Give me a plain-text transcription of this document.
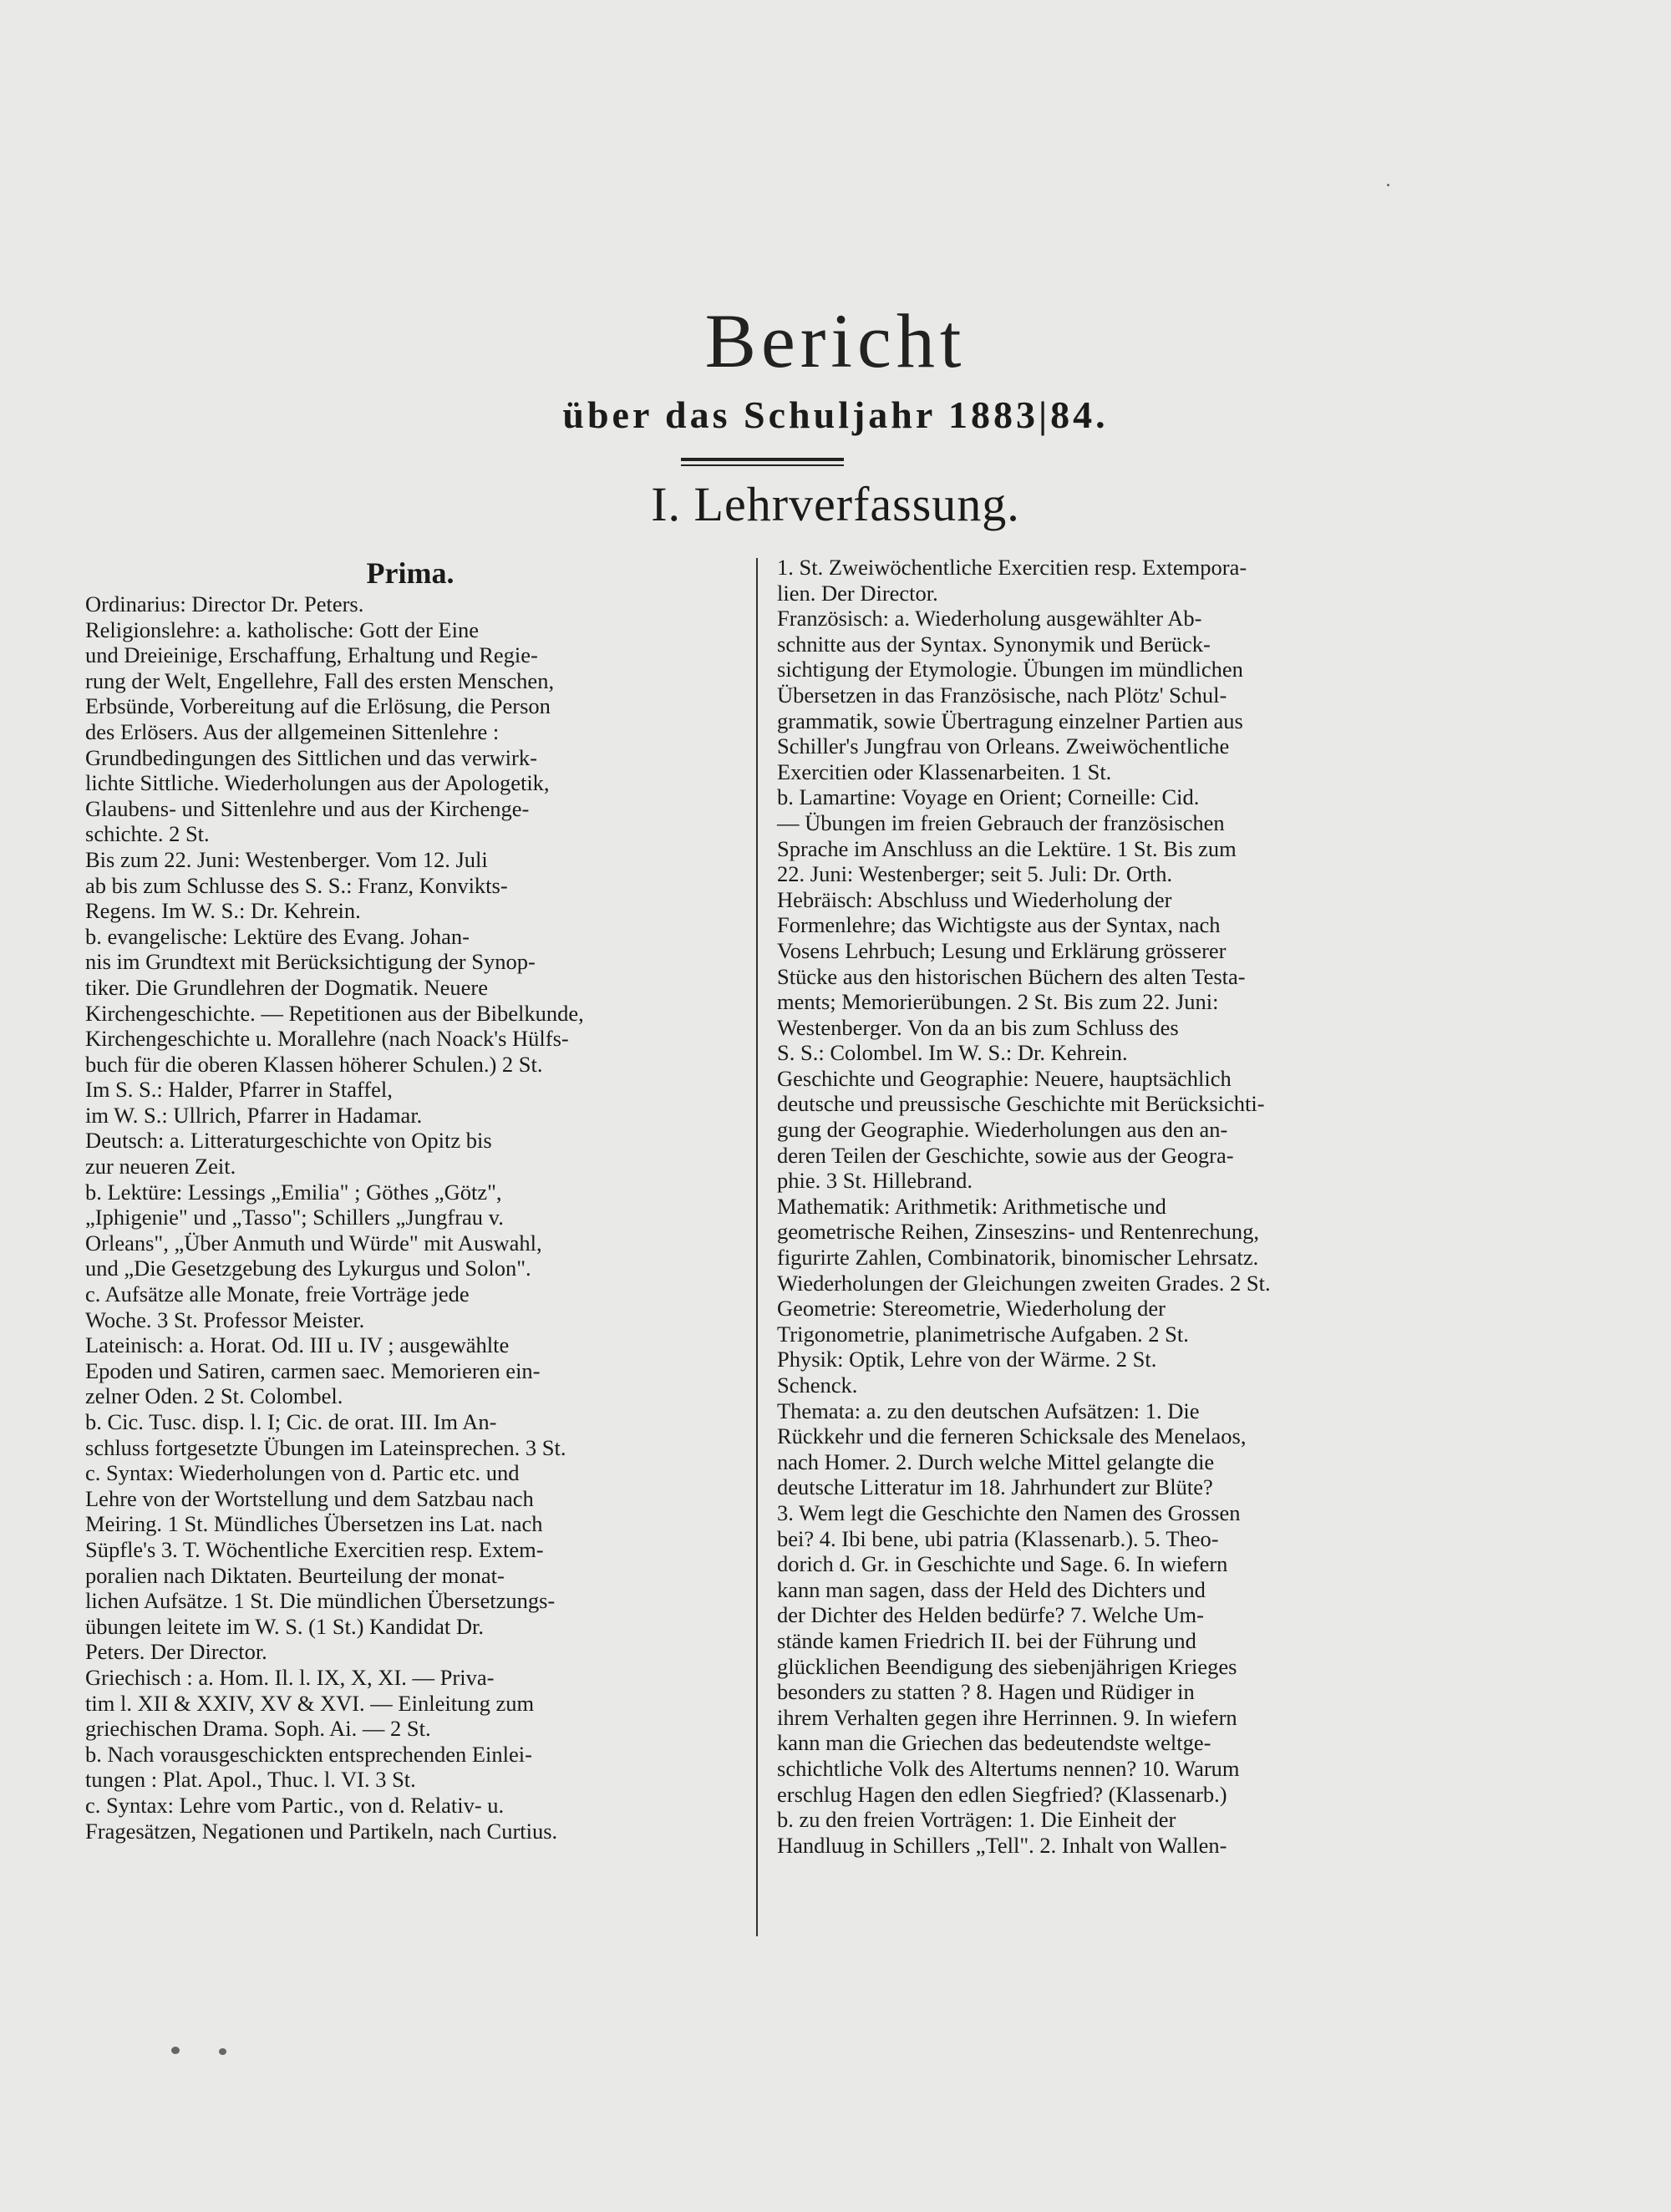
Bericht
über das Schuljahr 1883|84.
I. Lehrverfassung.
Prima.
Ordinarius: Director Dr. Peters.
Religionslehre: a. katholische: Gott der Eine
und Dreieinige, Erschaffung, Erhaltung und Regie-
rung der Welt, Engellehre, Fall des ersten Menschen,
Erbsünde, Vorbereitung auf die Erlösung, die Person
des Erlösers. Aus der allgemeinen Sittenlehre :
Grundbedingungen des Sittlichen und das verwirk-
lichte Sittliche. Wiederholungen aus der Apologetik,
Glaubens- und Sittenlehre und aus der Kirchenge-
schichte. 2 St.
Bis zum 22. Juni: Westenberger. Vom 12. Juli
ab bis zum Schlusse des S. S.: Franz, Konvikts-
Regens. Im W. S.: Dr. Kehrein.
b. evangelische: Lektüre des Evang. Johan-
nis im Grundtext mit Berücksichtigung der Synop-
tiker. Die Grundlehren der Dogmatik. Neuere
Kirchengeschichte. — Repetitionen aus der Bibelkunde,
Kirchengeschichte u. Morallehre (nach Noack's Hülfs-
buch für die oberen Klassen höherer Schulen.) 2 St.
Im S. S.: Halder, Pfarrer in Staffel,
im W. S.: Ullrich, Pfarrer in Hadamar.
Deutsch: a. Litteraturgeschichte von Opitz bis
zur neueren Zeit.
b. Lektüre: Lessings „Emilia" ; Göthes „Götz",
„Iphigenie" und „Tasso"; Schillers „Jungfrau v.
Orleans", „Über Anmuth und Würde" mit Auswahl,
und „Die Gesetzgebung des Lykurgus und Solon".
c. Aufsätze alle Monate, freie Vorträge jede
Woche. 3 St. Professor Meister.
Lateinisch: a. Horat. Od. III u. IV ; ausgewählte
Epoden und Satiren, carmen saec. Memorieren ein-
zelner Oden. 2 St. Colombel.
b. Cic. Tusc. disp. l. I; Cic. de orat. III. Im An-
schluss fortgesetzte Übungen im Lateinsprechen. 3 St.
c. Syntax: Wiederholungen von d. Partic etc. und
Lehre von der Wortstellung und dem Satzbau nach
Meiring. 1 St. Mündliches Übersetzen ins Lat. nach
Süpfle's 3. T. Wöchentliche Exercitien resp. Extem-
poralien nach Diktaten. Beurteilung der monat-
lichen Aufsätze. 1 St. Die mündlichen Übersetzungs-
übungen leitete im W. S. (1 St.) Kandidat Dr.
Peters. Der Director.
Griechisch : a. Hom. Il. l. IX, X, XI. — Priva-
tim l. XII & XXIV, XV & XVI. — Einleitung zum
griechischen Drama. Soph. Ai. — 2 St.
b. Nach vorausgeschickten entsprechenden Einlei-
tungen : Plat. Apol., Thuc. l. VI. 3 St.
c. Syntax: Lehre vom Partic., von d. Relativ- u.
Fragesätzen, Negationen und Partikeln, nach Curtius.
1. St. Zweiwöchentliche Exercitien resp. Extempora-
lien. Der Director.
Französisch: a. Wiederholung ausgewählter Ab-
schnitte aus der Syntax. Synonymik und Berück-
sichtigung der Etymologie. Übungen im mündlichen
Übersetzen in das Französische, nach Plötz' Schul-
grammatik, sowie Übertragung einzelner Partien aus
Schiller's Jungfrau von Orleans. Zweiwöchentliche
Exercitien oder Klassenarbeiten. 1 St.
b. Lamartine: Voyage en Orient; Corneille: Cid.
— Übungen im freien Gebrauch der französischen
Sprache im Anschluss an die Lektüre. 1 St. Bis zum
22. Juni: Westenberger; seit 5. Juli: Dr. Orth.
Hebräisch: Abschluss und Wiederholung der
Formenlehre; das Wichtigste aus der Syntax, nach
Vosens Lehrbuch; Lesung und Erklärung grösserer
Stücke aus den historischen Büchern des alten Testa-
ments; Memorierübungen. 2 St. Bis zum 22. Juni:
Westenberger. Von da an bis zum Schluss des
S. S.: Colombel. Im W. S.: Dr. Kehrein.
Geschichte und Geographie: Neuere, hauptsächlich
deutsche und preussische Geschichte mit Berücksichti-
gung der Geographie. Wiederholungen aus den an-
deren Teilen der Geschichte, sowie aus der Geogra-
phie. 3 St. Hillebrand.
Mathematik: Arithmetik: Arithmetische und
geometrische Reihen, Zinseszins- und Rentenrechung,
figurirte Zahlen, Combinatorik, binomischer Lehrsatz.
Wiederholungen der Gleichungen zweiten Grades. 2 St.
Geometrie: Stereometrie, Wiederholung der
Trigonometrie, planimetrische Aufgaben. 2 St.
Physik: Optik, Lehre von der Wärme. 2 St.
Schenck.
Themata: a. zu den deutschen Aufsätzen: 1. Die
Rückkehr und die ferneren Schicksale des Menelaos,
nach Homer. 2. Durch welche Mittel gelangte die
deutsche Litteratur im 18. Jahrhundert zur Blüte?
3. Wem legt die Geschichte den Namen des Grossen
bei? 4. Ibi bene, ubi patria (Klassenarb.). 5. Theo-
dorich d. Gr. in Geschichte und Sage. 6. In wiefern
kann man sagen, dass der Held des Dichters und
der Dichter des Helden bedürfe? 7. Welche Um-
stände kamen Friedrich II. bei der Führung und
glücklichen Beendigung des siebenjährigen Krieges
besonders zu statten ? 8. Hagen und Rüdiger in
ihrem Verhalten gegen ihre Herrinnen. 9. In wiefern
kann man die Griechen das bedeutendste weltge-
schichtliche Volk des Altertums nennen? 10. Warum
erschlug Hagen den edlen Siegfried? (Klassenarb.)
b. zu den freien Vorträgen: 1. Die Einheit der
Handluug in Schillers „Tell". 2. Inhalt von Wallen-
